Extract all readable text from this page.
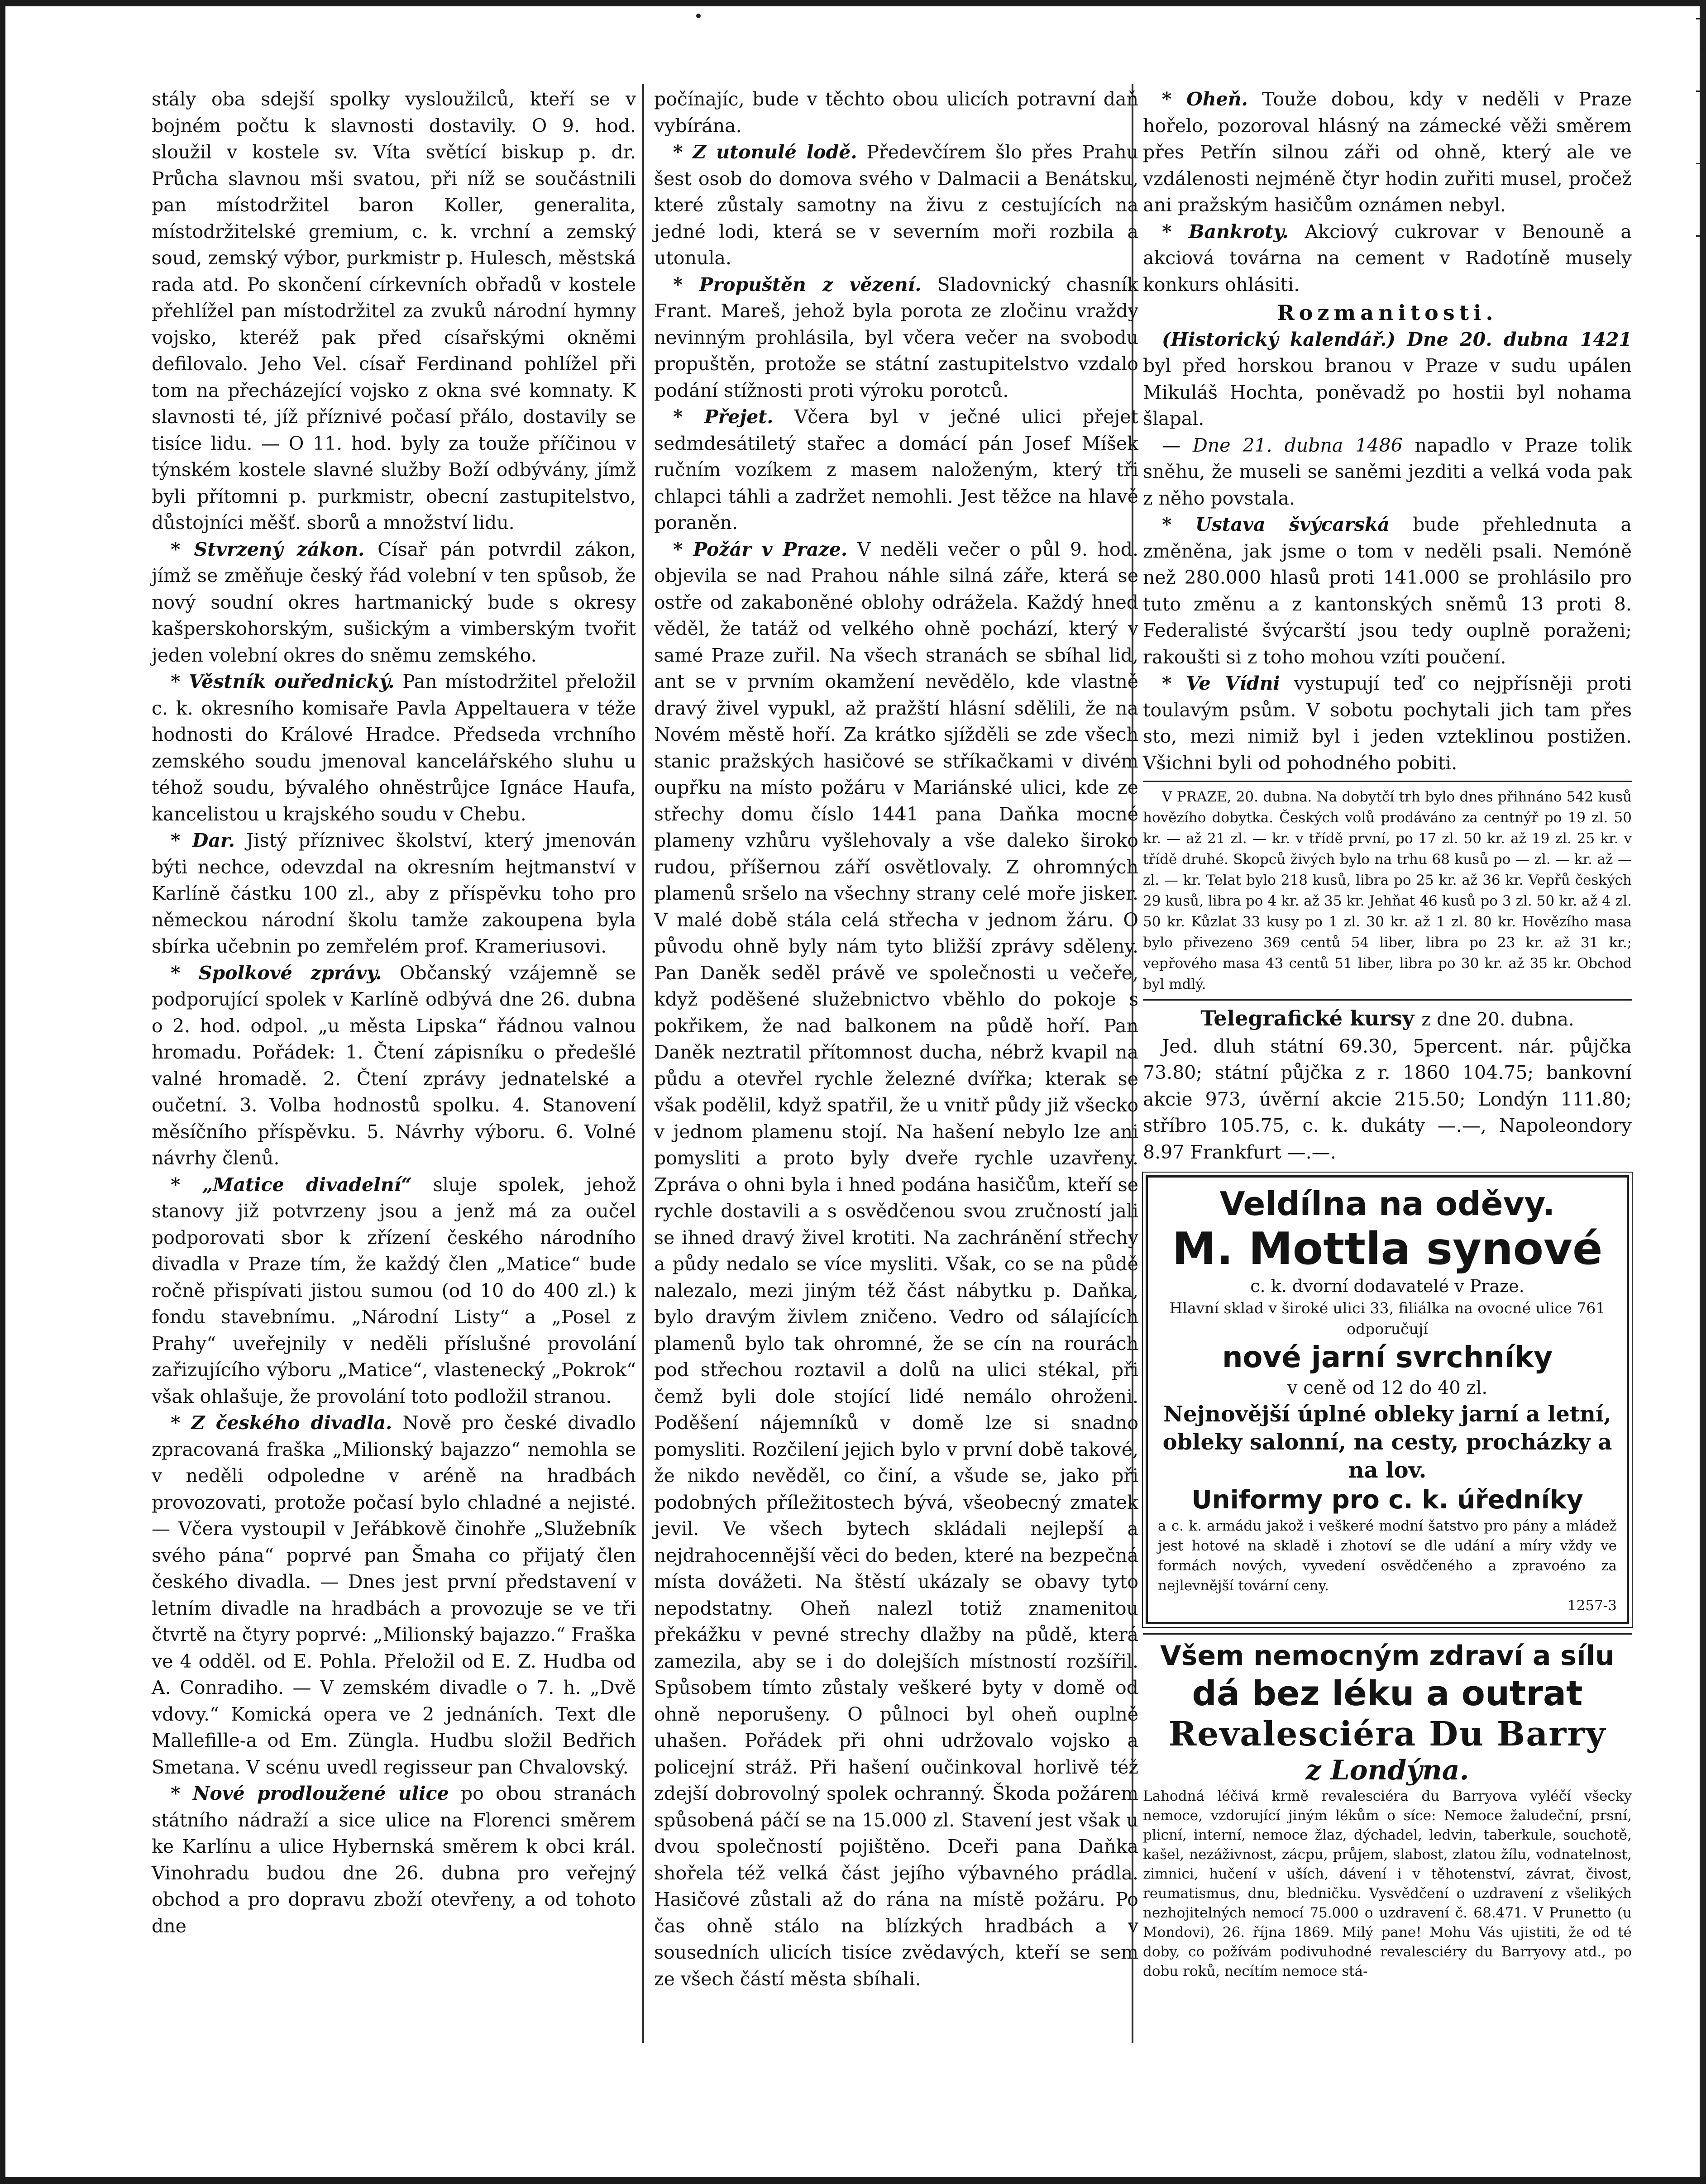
stály oba sdejší spolky vysloužilců, kteří se v bojném počtu k slavnosti dostavily. O 9. hod. sloužil v kostele sv. Víta světící biskup p. dr. Průcha slavnou mši svatou, při níž se součástnili pan místodržitel baron Koller, generalita, místodržitelské gremium, c. k. vrchní a zemský soud, zemský výbor, purkmistr p. Hulesch, městská rada atd. Po skončení církevních obřadů v kostele přehlížel pan místodržitel za zvuků národní hymny vojsko, kteréž pak před císařskými okněmi defilovalo. Jeho Vel. císař Ferdinand pohlížel při tom na přecházející vojsko z okna své komnaty. K slavnosti té, jíž příznivé počasí přálo, dostavily se tisíce lidu. — O 11. hod. byly za touže příčinou v týnském kostele slavné služby Boží odbývány, jímž byli přítomni p. purkmistr, obecní zastupitelstvo, důstojníci měšť. sborů a množství lidu.

* Stvrzený zákon. Císař pán potvrdil zákon, jímž se změňuje český řád volební v ten spůsob, že nový soudní okres hartmanický bude s okresy kašperskohorským, sušickým a vimberským tvořit jeden volební okres do sněmu zemského.

* Věstník ouřednický. Pan místodržitel přeložil c. k. okresního komisaře Pavla Appeltauera v téže hodnosti do Králové Hradce. Předseda vrchního zemského soudu jmenoval kancelářského sluhu u téhož soudu, bývalého ohněstrůjce Ignáce Haufa, kancelistou u krajského soudu v Chebu.

* Dar. Jistý příznivec školství, který jmenován býti nechce, odevzdal na okresním hejtmanství v Karlíně částku 100 zl., aby z příspěvku toho pro německou národní školu tamže zakoupena byla sbírka učebnin po zemřelém prof. Krameriusovi.

* Spolkové zprávy. Občanský vzájemně se podporující spolek v Karlíně odbývá dne 26. dubna o 2. hod. odpol. „u města Lipska“ řádnou valnou hromadu. Pořádek: 1. Čtení zápisníku o předešlé valné hromadě. 2. Čtení zprávy jednatelské a oučetní. 3. Volba hodnostů spolku. 4. Stanovení měsíčního příspěvku. 5. Návrhy výboru. 6. Volné návrhy členů.

* „Matice divadelní“ sluje spolek, jehož stanovy již potvrzeny jsou a jenž má za oučel podporovati sbor k zřízení českého národního divadla v Praze tím, že každý člen „Matice“ bude ročně přispívati jistou sumou (od 10 do 400 zl.) k fondu stavebnímu. „Národní Listy“ a „Posel z Prahy“ uveřejnily v neděli příslušné provolání zařizujícího výboru „Matice“, vlastenecký „Pokrok“ však ohlašuje, že provolání toto podložil stranou.

* Z českého divadla. Nově pro české divadlo zpracovaná fraška „Milionský bajazzo“ nemohla se v neděli odpoledne v aréně na hradbách provozovati, protože počasí bylo chladné a nejisté. — Včera vystoupil v Jeřábkově činohře „Služebník svého pána“ poprvé pan Šmaha co přijatý člen českého divadla. — Dnes jest první představení v letním divadle na hradbách a provozuje se ve tři čtvrtě na čtyry poprvé: „Milionský bajazzo.“ Fraška ve 4 odděl. od E. Pohla. Přeložil od E. Z. Hudba od A. Conradiho. — V zemském divadle o 7. h. „Dvě vdovy.“ Komická opera ve 2 jednáních. Text dle Mallefille-a od Em. Züngla. Hudbu složil Bedřich Smetana. V scénu uvedl regisseur pan Chvalovský.

* Nové prodloužené ulice po obou stranách státního nádraží a sice ulice na Florenci směrem ke Karlínu a ulice Hybernská směrem k obci král. Vinohradu budou dne 26. dubna pro veřejný obchod a pro dopravu zboží otevřeny, a od tohoto dne

počínajíc, bude v těchto obou ulicích potravní daň vybírána.

* Z utonulé lodě. Předevčírem šlo přes Prahu šest osob do domova svého v Dalmacii a Benátsku, které zůstaly samotny na živu z cestujících na jedné lodi, která se v severním moři rozbila a utonula.

* Propuštěn z vězení. Sladovnický chasník Frant. Mareš, jehož byla porota ze zločinu vraždy nevinným prohlásila, byl včera večer na svobodu propuštěn, protože se státní zastupitelstvo vzdalo podání stížnosti proti výroku porotců.

* Přejet. Včera byl v ječné ulici přejet sedmdesátiletý stařec a domácí pán Josef Míšek ručním vozíkem z masem naloženým, který tři chlapci táhli a zadržet nemohli. Jest těžce na hlavě poraněn.

* Požár v Praze. V neděli večer o půl 9. hod. objevila se nad Prahou náhle silná záře, která se ostře od zakaboněné oblohy odrážela. Každý hned věděl, že tatáž od velkého ohně pochází, který v samé Praze zuřil. Na všech stranách se sbíhal lid, ant se v prvním okamžení nevědělo, kde vlastně dravý živel vypukl, až pražští hlásní sdělili, že na Novém městě hoří. Za krátko sjížděli se zde všech stanic pražských hasičové se stříkačkami v divém oupřku na místo požáru v Mariánské ulici, kde ze střechy domu číslo 1441 pana Daňka mocné plameny vzhůru vyšlehovaly a vše daleko široko rudou, příšernou září osvětlovaly. Z ohromných plamenů sršelo na všechny strany celé moře jisker. V malé době stála celá střecha v jednom žáru. O původu ohně byly nám tyto bližší zprávy sděleny. Pan Daněk seděl právě ve společnosti u večeře, když poděšené služebnictvo vběhlo do pokoje s pokřikem, že nad balkonem na půdě hoří. Pan Daněk neztratil přítomnost ducha, nébrž kvapil na půdu a otevřel rychle železné dvířka; kterak se však podělil, když spatřil, že u vnitř půdy již všecko v jednom plamenu stojí. Na hašení nebylo lze ani pomysliti a proto byly dveře rychle uzavřeny. Zpráva o ohni byla i hned podána hasičům, kteří se rychle dostavili a s osvědčenou svou zručností jali se ihned dravý živel krotiti. Na zachránění střechy a půdy nedalo se více mysliti. Však, co se na půdě nalezalo, mezi jiným též část nábytku p. Daňka, bylo dravým živlem zničeno. Vedro od sálajících plamenů bylo tak ohromné, že se cín na rourách pod střechou roztavil a dolů na ulici stékal, při čemž byli dole stojící lidé nemálo ohroženi. Poděšení nájemníků v domě lze si snadno pomysliti. Rozčilení jejich bylo v první době takové, že nikdo nevěděl, co činí, a všude se, jako při podobných příležitostech bývá, všeobecný zmatek jevil. Ve všech bytech skládali nejlepší a nejdrahocennější věci do beden, které na bezpečná místa dovážeti. Na štěstí ukázaly se obavy tyto nepodstatny. Oheň nalezl totiž znamenitou překážku v pevné strechy dlažby na půdě, která zamezila, aby se i do dolejších místností rozšířil. Spůsobem tímto zůstaly veškeré byty v domě od ohně neporušeny. O půlnoci byl oheň ouplně uhašen. Pořádek při ohni udržovalo vojsko a policejní stráž. Při hašení oučinkoval horlivě též zdejší dobrovolný spolek ochranný. Škoda požárem spůsobená páčí se na 15.000 zl. Stavení jest však u dvou společností pojištěno. Dceři pana Daňka shořela též velká část jejího výbavného prádla. Hasičové zůstali až do rána na místě požáru. Po čas ohně stálo na blízkých hradbách a v sousedních ulicích tisíce zvědavých, kteří se sem ze všech částí města sbíhali.

* Oheň. Touže dobou, kdy v neděli v Praze hořelo, pozoroval hlásný na zámecké věži směrem přes Petřín silnou záři od ohně, který ale ve vzdálenosti nejméně čtyr hodin zuřiti musel, pročež ani pražským hasičům oznámen nebyl.

* Bankroty. Akciový cukrovar v Benouně a akciová továrna na cement v Radotíně musely konkurs ohlásiti.

Rozmanitosti.

(Historický kalendář.) Dne 20. dubna 1421 byl před horskou branou v Praze v sudu upálen Mikuláš Hochta, poněvadž po hostii byl nohama šlapal.

— Dne 21. dubna 1486 napadlo v Praze tolik sněhu, že museli se saněmi jezditi a velká voda pak z něho povstala.

* Ustava švýcarská bude přehlednuta a změněna, jak jsme o tom v neděli psali. Nemóně než 280.000 hlasů proti 141.000 se prohlásilo pro tuto změnu a z kantonských sněmů 13 proti 8. Federalisté švýcarští jsou tedy ouplně poraženi; rakoušti si z toho mohou vzíti poučení.

* Ve Vídni vystupují teď co nejpřísněji proti toulavým psům. V sobotu pochytali jich tam přes sto, mezi nimiž byl i jeden vzteklinou postižen. Všichni byli od pohodného pobiti.

V PRAZE, 20. dubna. Na dobytčí trh bylo dnes přihnáno 542 kusů hovězího dobytka. Českých volů prodáváno za centnýř po 19 zl. 50 kr. — až 21 zl. — kr. v třídě první, po 17 zl. 50 kr. až 19 zl. 25 kr. v třídě druhé. Skopců živých bylo na trhu 68 kusů po — zl. — kr. až — zl. — kr. Telat bylo 218 kusů, libra po 25 kr. až 36 kr. Vepřů českých 29 kusů, libra po 4 kr. až 35 kr. Jehňat 46 kusů po 3 zl. 50 kr. až 4 zl. 50 kr. Kůzlat 33 kusy po 1 zl. 30 kr. až 1 zl. 80 kr. Hovězího masa bylo přivezeno 369 centů 54 liber, libra po 23 kr. až 31 kr.; vepřového masa 43 centů 51 liber, libra po 30 kr. až 35 kr. Obchod byl mdlý.

Telegrafické kursy z dne 20. dubna.

Jed. dluh státní 69.30, 5percent. nár. půjčka 73.80; státní půjčka z r. 1860 104.75; bankovní akcie 973, úvěrní akcie 215.50; Londýn 111.80; stříbro 105.75, c. k. dukáty —.—, Napoleondory 8.97 Frankfurt —.—.

Veldílna na oděvy.
M. Mottla synové
c. k. dvorní dodavatelé v Praze.
Hlavní sklad v široké ulici 33, filiálka na ovocné ulice 761 odporučují
nové jarní svrchníky
v ceně od 12 do 40 zl.
Nejnovější úplné obleky jarní a letní, obleky salonní, na cesty, procházky a na lov.
Uniformy pro c. k. úředníky
a c. k. armádu jakož i veškeré modní šatstvo pro pány a mládež jest hotové na skladě i zhotoví se dle udání a míry vždy ve formách nových, vyvedení osvědčeného a zpravoéno za nejlevnější tovární ceny.
1257-3
Všem nemocným zdraví a sílu
dá bez léku a outrat
Revalesciéra Du Barry
z Londýna.
Lahodná léčivá krmě revalesciéra du Barryova vyléčí všecky nemoce, vzdorující jiným lékům o síce: Nemoce žaludeční, prsní, plicní, interní, nemoce žlaz, dýchadel, ledvin, taberkule, souchotě, kašel, nezáživnost, zácpu, průjem, slabost, zlatou žílu, vodnatelnost, zimnici, hučení v uších, dávení i v těhotenství, závrat, čivost, reumatismus, dnu, bledničku. Vysvědčení o uzdravení z všelikých nezhojitelných nemocí 75.000 o uzdravení č. 68.471. V Prunetto (u Mondovi), 26. října 1869. Milý pane! Mohu Vás ujistiti, že od té doby, co požívám podivuhodné revalesciéry du Barryovy atd., po dobu roků, necítím nemoce stá-
